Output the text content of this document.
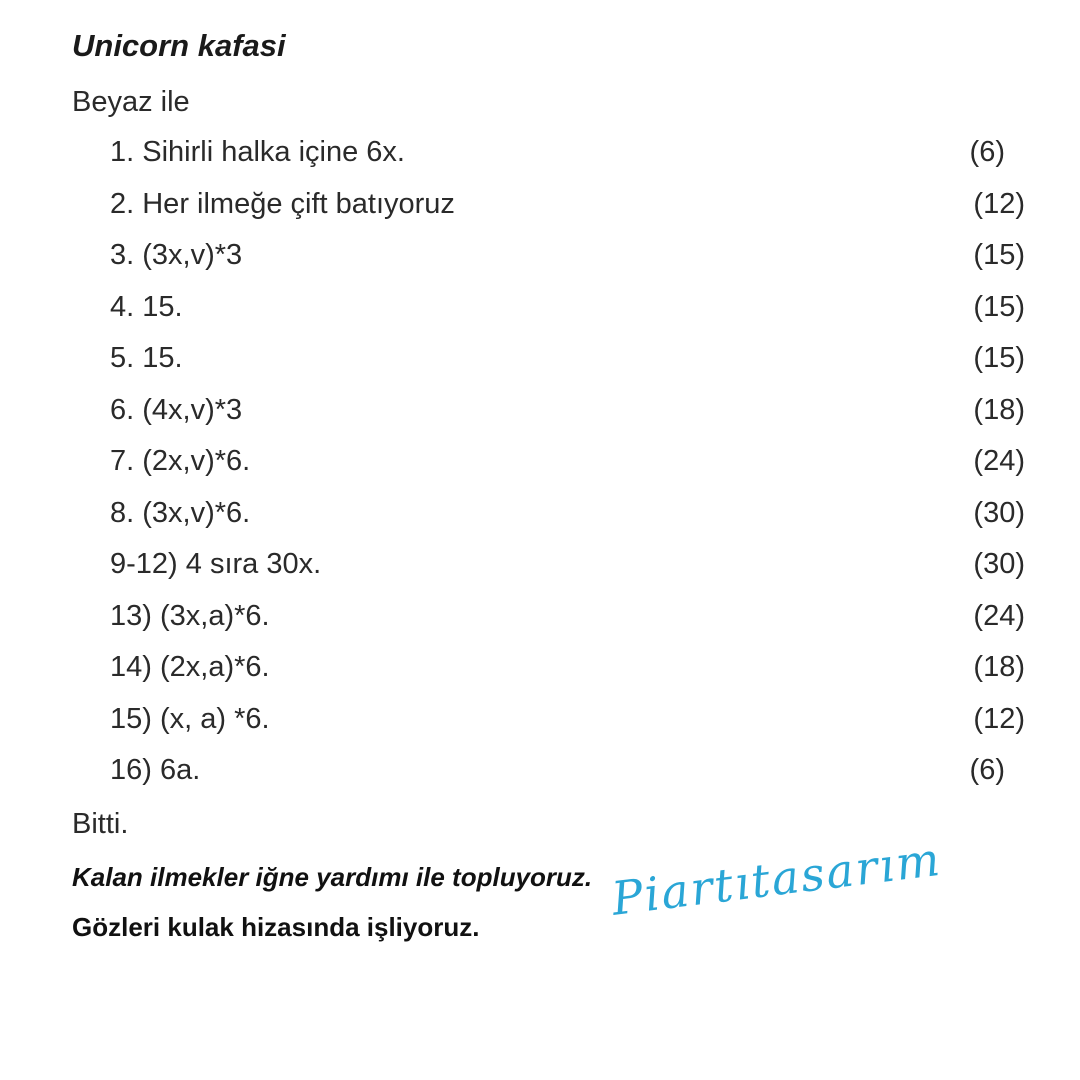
Unicorn kafasi
Beyaz ile
1. Sihirli halka içine 6x.	(6)
2. Her ilmeğe çift batıyoruz	(12)
3. (3x,v)*3	(15)
4. 15.	(15)
5. 15.	(15)
6. (4x,v)*3	(18)
7. (2x,v)*6.	(24)
8. (3x,v)*6.	(30)
9-12) 4 sıra 30x.	(30)
13) (3x,a)*6.	(24)
14) (2x,a)*6.	(18)
15) (x, a) *6.	(12)
16) 6a.	(6)
Bitti.
Kalan ilmekler iğne yardımı ile topluyoruz.
Gözleri kulak hizasında işliyoruz.
Piartıtasarım
